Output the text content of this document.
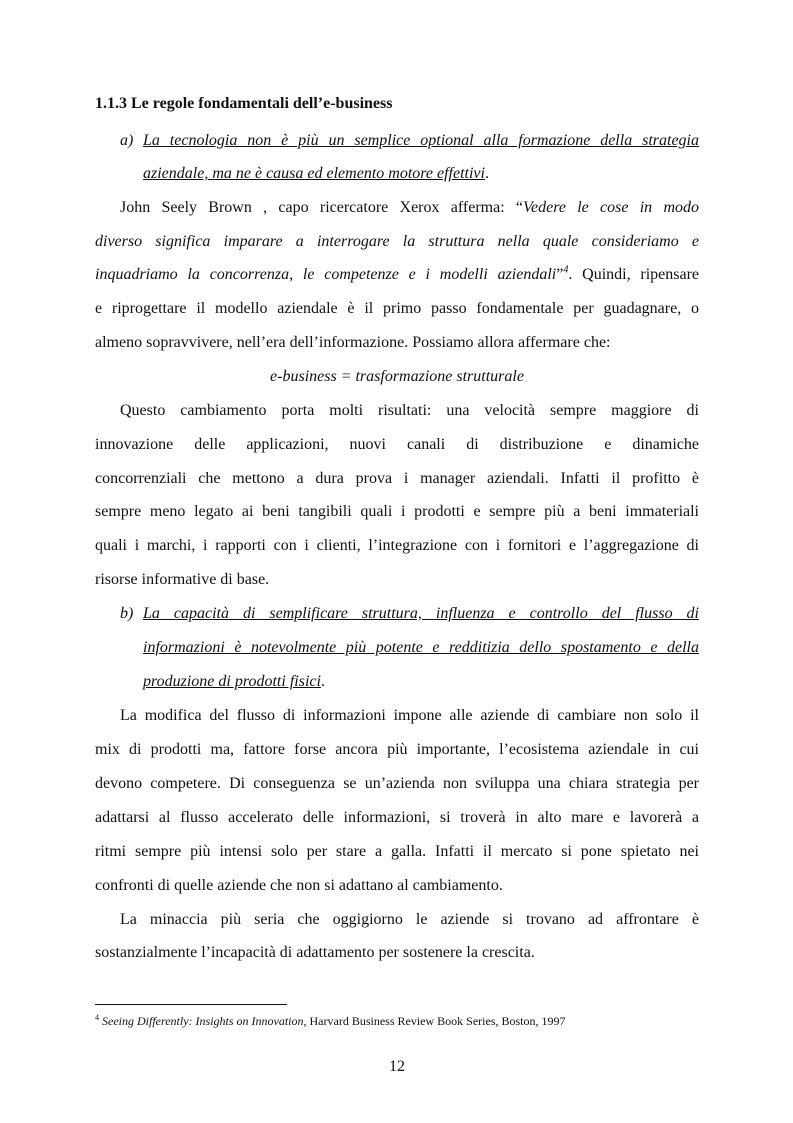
1.1.3 Le regole fondamentali dell’e-business
a) La tecnologia non è più un semplice optional alla formazione della strategia
aziendale, ma ne è causa ed elemento motore effettivi.
John Seely Brown , capo ricercatore Xerox afferma: “Vedere le cose in modo
diverso significa imparare a interrogare la struttura nella quale consideriamo e
inquadriamo la concorrenza, le competenze e i modelli aziendali”$^4$. Quindi, ripensare
e riprogettare il modello aziendale è il primo passo fondamentale per guadagnare, o
almeno sopravvivere, nell’era dell’informazione. Possiamo allora affermare che:
e-business = trasformazione strutturale
Questo cambiamento porta molti risultati: una velocità sempre maggiore di
innovazione delle applicazioni, nuovi canali di distribuzione e dinamiche
concorrenziali che mettono a dura prova i manager aziendali. Infatti il profitto è
sempre meno legato ai beni tangibili quali i prodotti e sempre più a beni immateriali
quali i marchi, i rapporti con i clienti, l’integrazione con i fornitori e l’aggregazione di
risorse informative di base.
b) La capacità di semplificare struttura, influenza e controllo del flusso di
informazioni è notevolmente più potente e redditizia dello spostamento e della
produzione di prodotti fisici.
La modifica del flusso di informazioni impone alle aziende di cambiare non solo il
mix di prodotti ma, fattore forse ancora più importante, l’ecosistema aziendale in cui
devono competere. Di conseguenza se un’azienda non sviluppa una chiara strategia per
adattarsi al flusso accelerato delle informazioni, si troverà in alto mare e lavorerà a
ritmi sempre più intensi solo per stare a galla. Infatti il mercato si pone spietato nei
confronti di quelle aziende che non si adattano al cambiamento.
La minaccia più seria che oggigiorno le aziende si trovano ad affrontare è
sostanzialmente l’incapacità di adattamento per sostenere la crescita.
$^4$ Seeing Differently: Insights on Innovation, Harvard Business Review Book Series, Boston, 1997
12
